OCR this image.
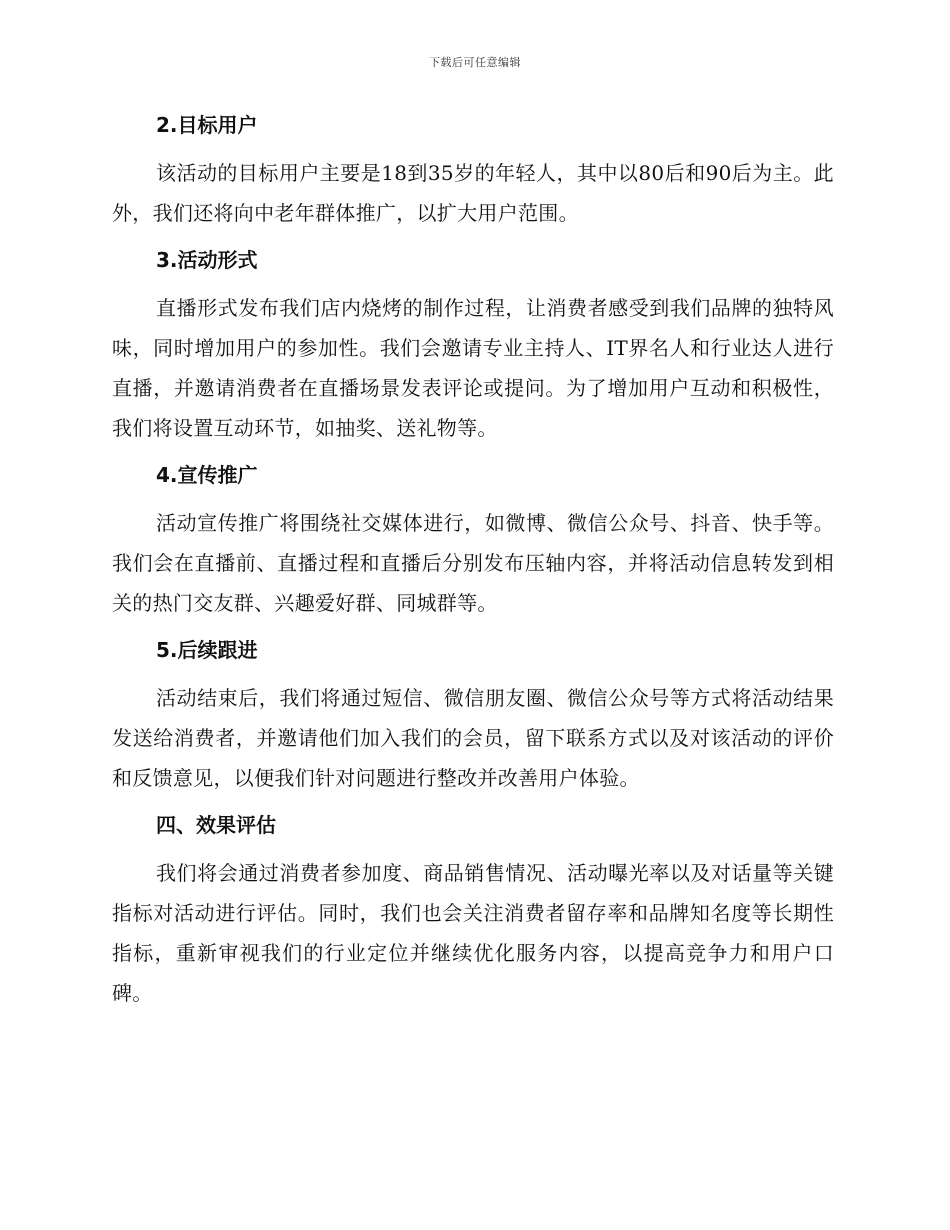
下载后可任意编辑
2.目标用户

该活动的目标用户主要是18到35岁的年轻人，其中以80后和90后为主。此外，我们还将向中老年群体推广，以扩大用户范围。

3.活动形式

直播形式发布我们店内烧烤的制作过程，让消费者感受到我们品牌的独特风味，同时增加用户的参加性。我们会邀请专业主持人、IT界名人和行业达人进行直播，并邀请消费者在直播场景发表评论或提问。为了增加用户互动和积极性，我们将设置互动环节，如抽奖、送礼物等。

4.宣传推广

活动宣传推广将围绕社交媒体进行，如微博、微信公众号、抖音、快手等。我们会在直播前、直播过程和直播后分别发布压轴内容，并将活动信息转发到相关的热门交友群、兴趣爱好群、同城群等。

5.后续跟进

活动结束后，我们将通过短信、微信朋友圈、微信公众号等方式将活动结果发送给消费者，并邀请他们加入我们的会员，留下联系方式以及对该活动的评价和反馈意见，以便我们针对问题进行整改并改善用户体验。

四、效果评估

我们将会通过消费者参加度、商品销售情况、活动曝光率以及对话量等关键指标对活动进行评估。同时，我们也会关注消费者留存率和品牌知名度等长期性指标，重新审视我们的行业定位并继续优化服务内容，以提高竞争力和用户口碑。
